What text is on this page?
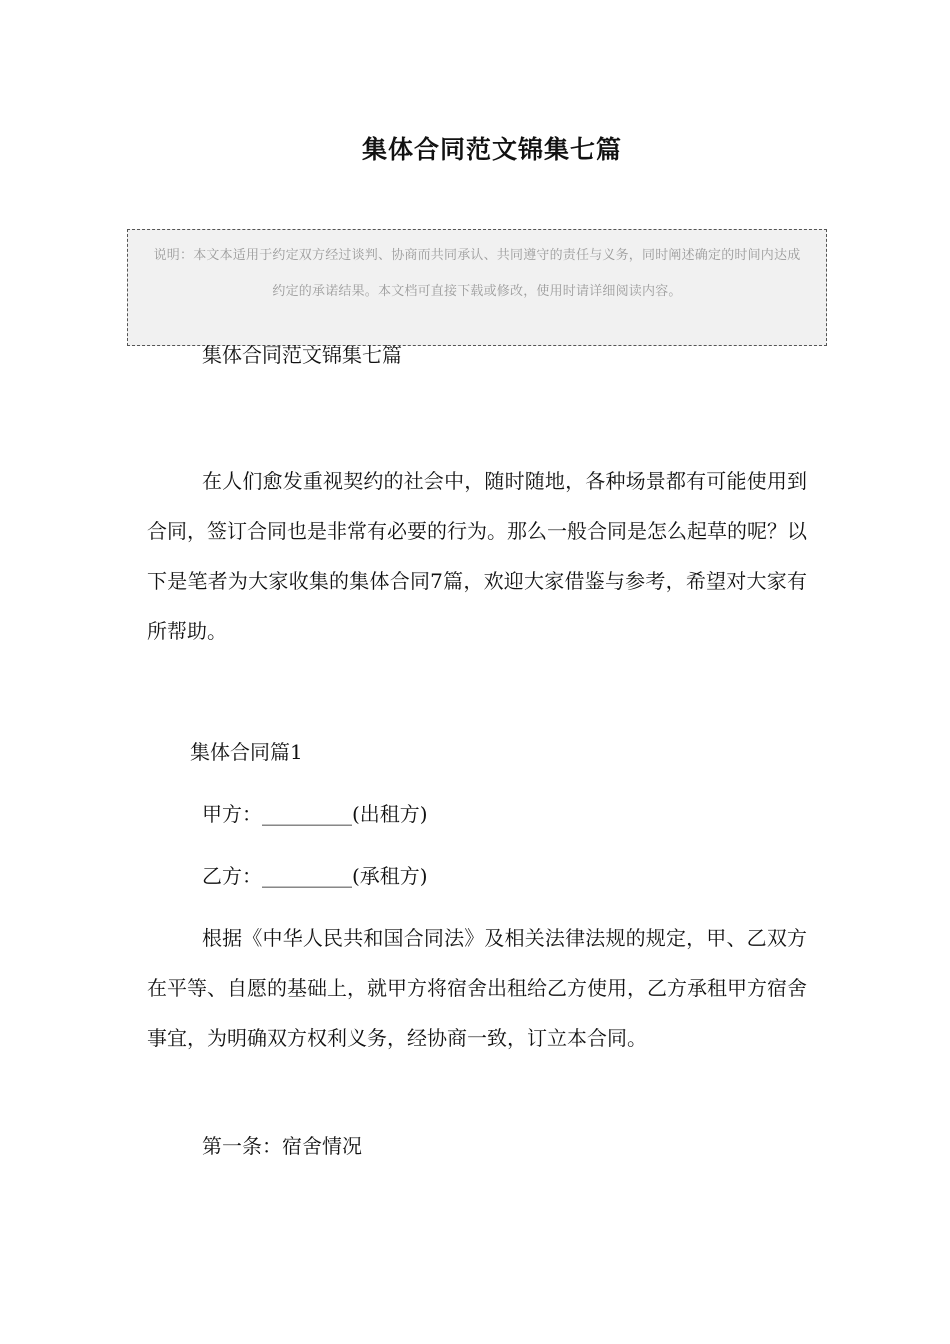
集体合同范文锦集七篇
说明：本文本适用于约定双方经过谈判、协商而共同承认、共同遵守的责任与义务，同时阐述确定的时间内达成约定的承诺结果。本文档可直接下载或修改，使用时请详细阅读内容。

集体合同范文锦集七篇

在人们愈发重视契约的社会中，随时随地，各种场景都有可能使用到合同，签订合同也是非常有必要的行为。那么一般合同是怎么起草的呢？以下是笔者为大家收集的集体合同7篇，欢迎大家借鉴与参考，希望对大家有所帮助。

集体合同篇1

甲方：_________(出租方)

乙方：_________(承租方)

根据《中华人民共和国合同法》及相关法律法规的规定，甲、乙双方在平等、自愿的基础上，就甲方将宿舍出租给乙方使用，乙方承租甲方宿舍事宜，为明确双方权利义务，经协商一致，订立本合同。

第一条：宿舍情况
